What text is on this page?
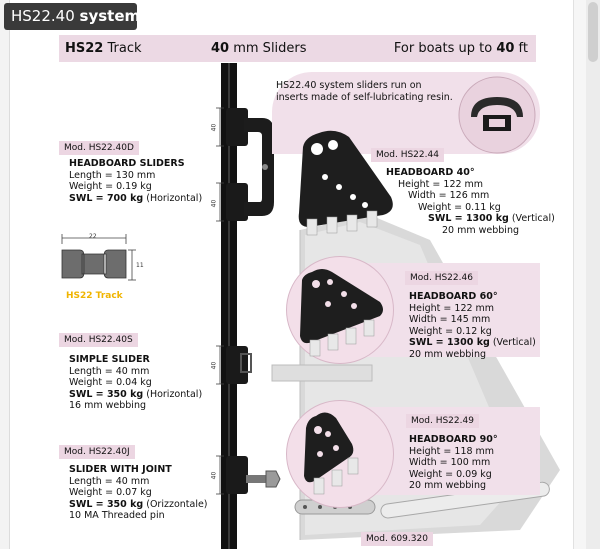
HS22.40 system
HS22 Track	40 mm Sliders	For boats up to 40 ft
40
40
40
40
HS22.40 system sliders run on inserts made of self-lubricating resin.
Mod. HS22.40D
HEADBOARD SLIDERS
Length = 130 mm
Weight = 0.19 kg
SWL = 700 kg (Horizontal)
22
11
HS22 Track
Mod. HS22.40S
SIMPLE SLIDER
Length = 40 mm
Weight = 0.04 kg
SWL = 350 kg (Horizontal)
16 mm webbing
Mod. HS22.40J
SLIDER WITH JOINT
Length = 40 mm
Weight = 0.07 kg
SWL = 350 kg (Orizzontale)
10 MA Threaded pin
Mod. HS22.44
HEADBOARD 40°
Height = 122 mm
Width = 126 mm
Weight = 0.11 kg
SWL = 1300 kg (Vertical)
20 mm webbing
Mod. HS22.46
HEADBOARD 60°
Height = 122 mm
Width = 145 mm
Weight = 0.12 kg
SWL = 1300 kg (Vertical)
20 mm webbing
Mod. HS22.49
HEADBOARD 90°
Height = 118 mm
Width = 100 mm
Weight = 0.09 kg
20 mm webbing
Mod. 609.320
